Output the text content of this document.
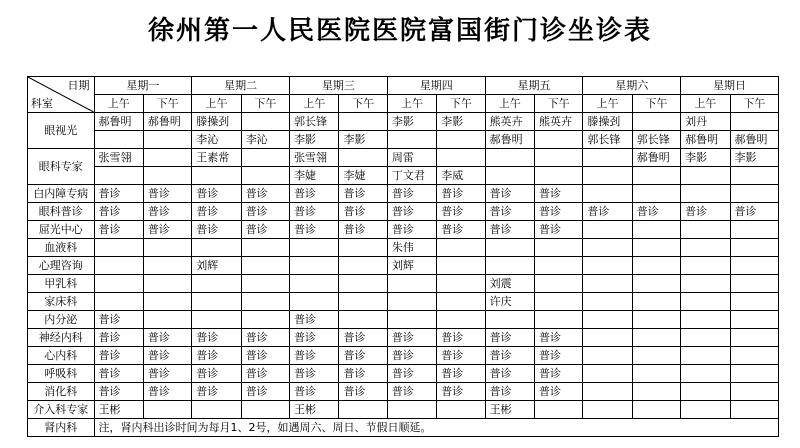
徐州第一人民医院医院富国街门诊坐诊表
日期
科室	星期一		星期二		星期三		星期四		星期五		星期六		星期日	
	上午	下午	上午	下午	上午	下午	上午	下午	上午	下午	上午	下午	上午	下午
眼视光	郝鲁明	郝鲁明	滕操刭		郭长锋		李影	李影	熊英卉	熊英卉	滕操刭		刘丹	
			李沁	李沁	李影	李影			郝鲁明		郭长锋	郭长锋	郝鲁明	郝鲁明
眼科专家	张雪翎		王素常		张雪翎		周雷					郝鲁明	李影	李影
					李婕	李婕	丁文君	李威						
白内障专病	普诊	普诊	普诊	普诊	普诊	普诊	普诊	普诊	普诊	普诊				
眼科普诊	普诊	普诊	普诊	普诊	普诊	普诊	普诊	普诊	普诊	普诊	普诊	普诊	普诊	普诊
屈光中心	普诊	普诊	普诊	普诊	普诊	普诊	普诊	普诊	普诊	普诊				
血液科							朱伟							
心理咨询			刘辉				刘辉							
甲乳科									刘震					
家床科									许庆					
内分泌	普诊				普诊									
神经内科	普诊	普诊	普诊	普诊	普诊	普诊	普诊	普诊	普诊	普诊				
心内科	普诊	普诊	普诊	普诊	普诊	普诊	普诊	普诊	普诊	普诊				
呼吸科	普诊	普诊	普诊	普诊	普诊	普诊	普诊	普诊	普诊	普诊				
消化科	普诊	普诊	普诊	普诊	普诊	普诊	普诊	普诊	普诊	普诊				
介入科专家	王彬				王彬				王彬					
肾内科	注，肾内科出诊时间为每月1、2号，如遇周六、周日、节假日顺延。													
